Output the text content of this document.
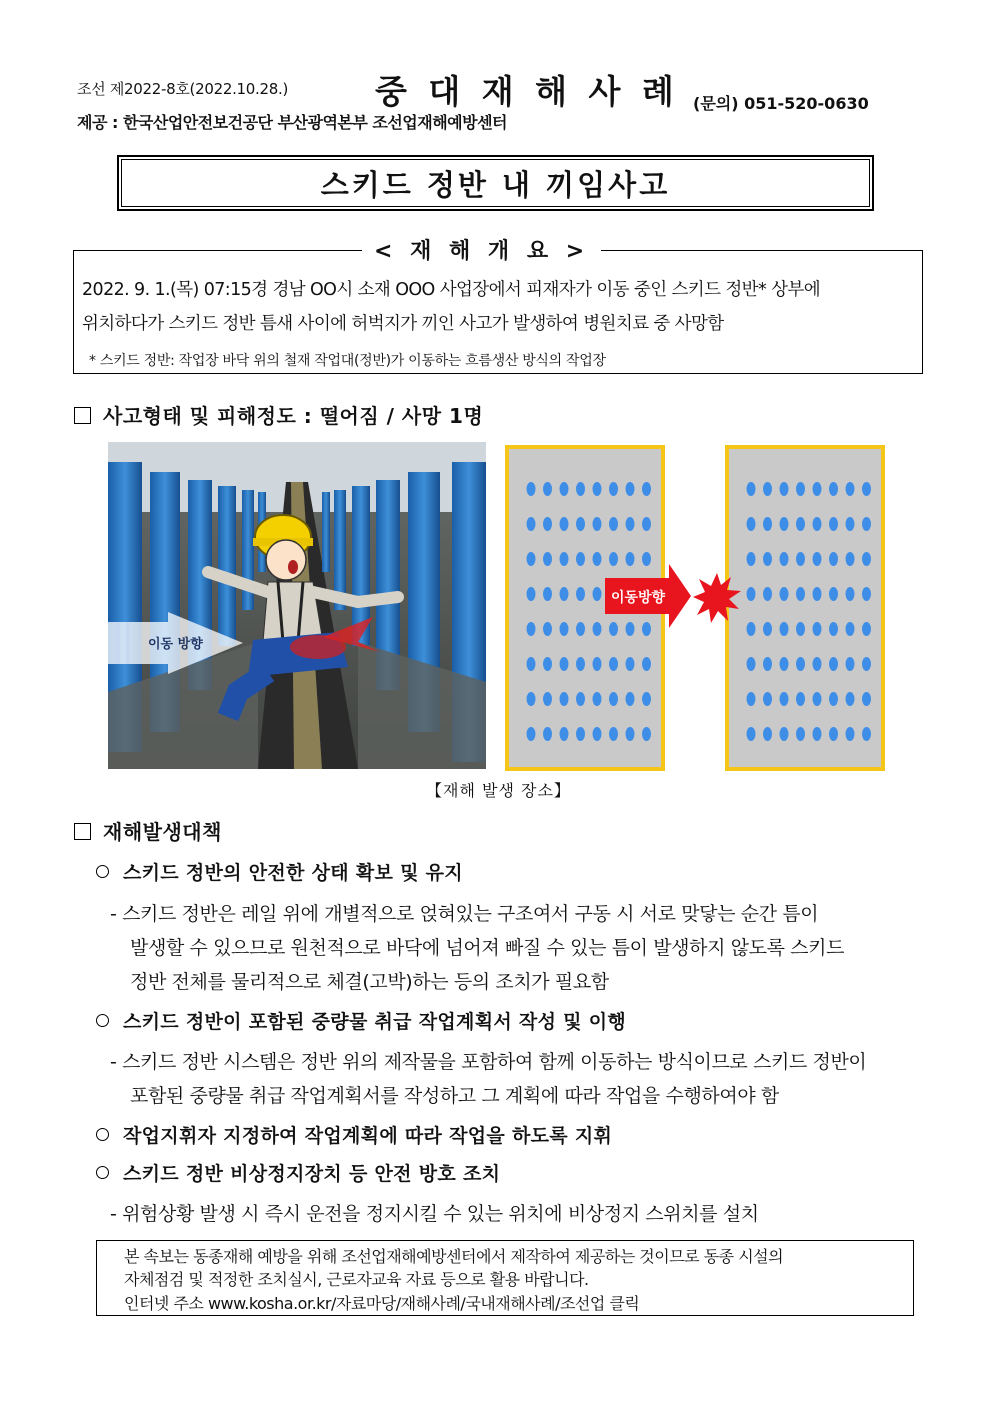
조선 제2022-8호(2022.10.28.)	중 대 재 해 사 례 (문의) 051-520-0630
제공 : 한국산업안전보건공단 부산광역본부 조선업재해예방센터
스키드 정반 내 끼임사고
< 재 해 개 요 >
2022. 9. 1.(목) 07:15경 경남 OO시 소재 OOO 사업장에서 피재자가 이동 중인 스키드 정반* 상부에
위치하다가 스키드 정반 틈새 사이에 허벅지가 끼인 사고가 발생하여 병원치료 중 사망함
* 스키드 정반: 작업장 바닥 위의 철재 작업대(정반)가 이동하는 흐름생산 방식의 작업장
사고형태 및 피해정도 : 떨어짐 / 사망 1명
이동 방향
이동방향
【재해 발생 장소】
재해발생대책
스키드 정반의 안전한 상태 확보 및 유지
- 스키드 정반은 레일 위에 개별적으로 얹혀있는 구조여서 구동 시 서로 맞닿는 순간 틈이
발생할 수 있으므로 원천적으로 바닥에 넘어져 빠질 수 있는 틈이 발생하지 않도록 스키드
정반 전체를 물리적으로 체결(고박)하는 등의 조치가 필요함
스키드 정반이 포함된 중량물 취급 작업계획서 작성 및 이행
- 스키드 정반 시스템은 정반 위의 제작물을 포함하여 함께 이동하는 방식이므로 스키드 정반이
포함된 중량물 취급 작업계획서를 작성하고 그 계획에 따라 작업을 수행하여야 함
작업지휘자 지정하여 작업계획에 따라 작업을 하도록 지휘
스키드 정반 비상정지장치 등 안전 방호 조치
- 위험상황 발생 시 즉시 운전을 정지시킬 수 있는 위치에 비상정지 스위치를 설치
본 속보는 동종재해 예방을 위해 조선업재해예방센터에서 제작하여 제공하는 것이므로 동종 시설의
자체점검 및 적정한 조치실시, 근로자교육 자료 등으로 활용 바랍니다.
인터넷 주소 www.kosha.or.kr/자료마당/재해사례/국내재해사례/조선업 클릭
